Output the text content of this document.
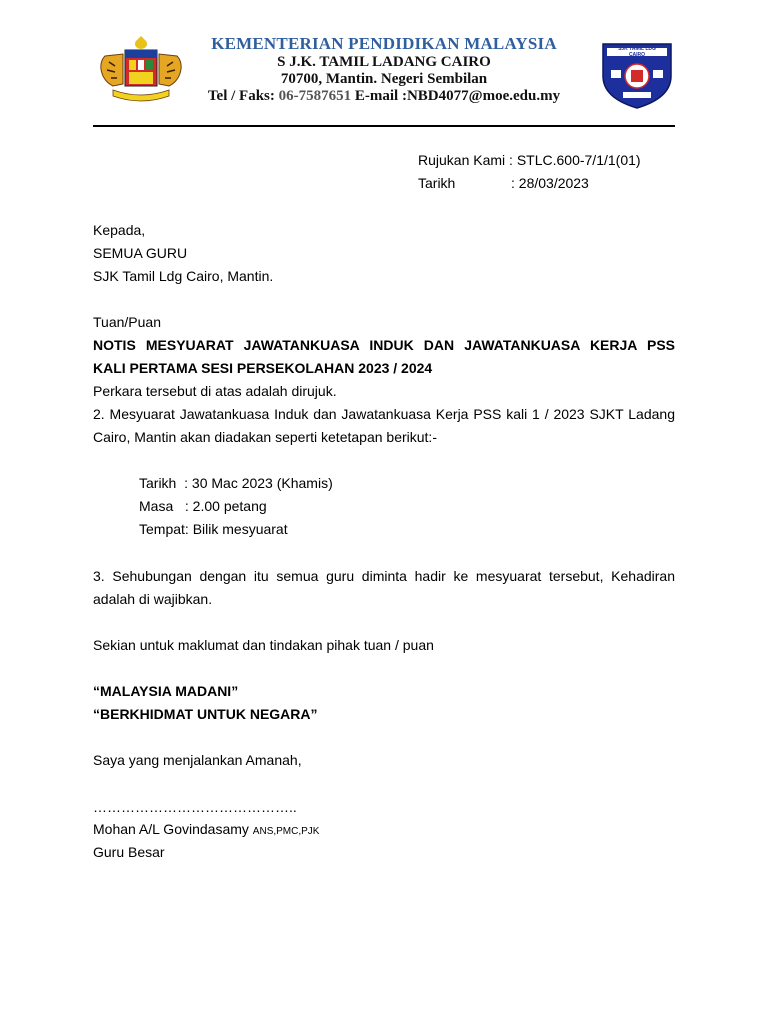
KEMENTERIAN PENDIDIKAN MALAYSIA
S J.K. TAMIL LADANG CAIRO
70700, Mantin. Negeri Sembilan
Tel / Faks: 06-7587651 E-mail :NBD4077@moe.edu.my
SJK TAMIL LDG CAIRO
Rujukan Kami : STLC.600-7/1/1(01)
Tarikh	: 28/03/2023
Kepada,
SEMUA GURU
SJK Tamil Ldg Cairo, Mantin.
Tuan/Puan
NOTIS MESYUARAT JAWATANKUASA INDUK DAN JAWATANKUASA KERJA PSS
KALI PERTAMA SESI PERSEKOLAHAN 2023 / 2024
Perkara tersebut di atas adalah dirujuk.
2. Mesyuarat Jawatankuasa Induk dan Jawatankuasa Kerja PSS kali 1 / 2023 SJKT Ladang
Cairo, Mantin akan diadakan seperti ketetapan berikut:-
Tarikh  : 30 Mac 2023 (Khamis)
Masa   : 2.00 petang
Tempat: Bilik mesyuarat
3. Sehubungan dengan itu semua guru diminta hadir ke mesyuarat tersebut, Kehadiran
adalah di wajibkan.
Sekian untuk maklumat dan tindakan pihak tuan / puan
“MALAYSIA MADANI”
“BERKHIDMAT UNTUK NEGARA”
Saya yang menjalankan Amanah,
……………………………………..
Mohan A/L Govindasamy ANS,PMC,PJK
Guru Besar
